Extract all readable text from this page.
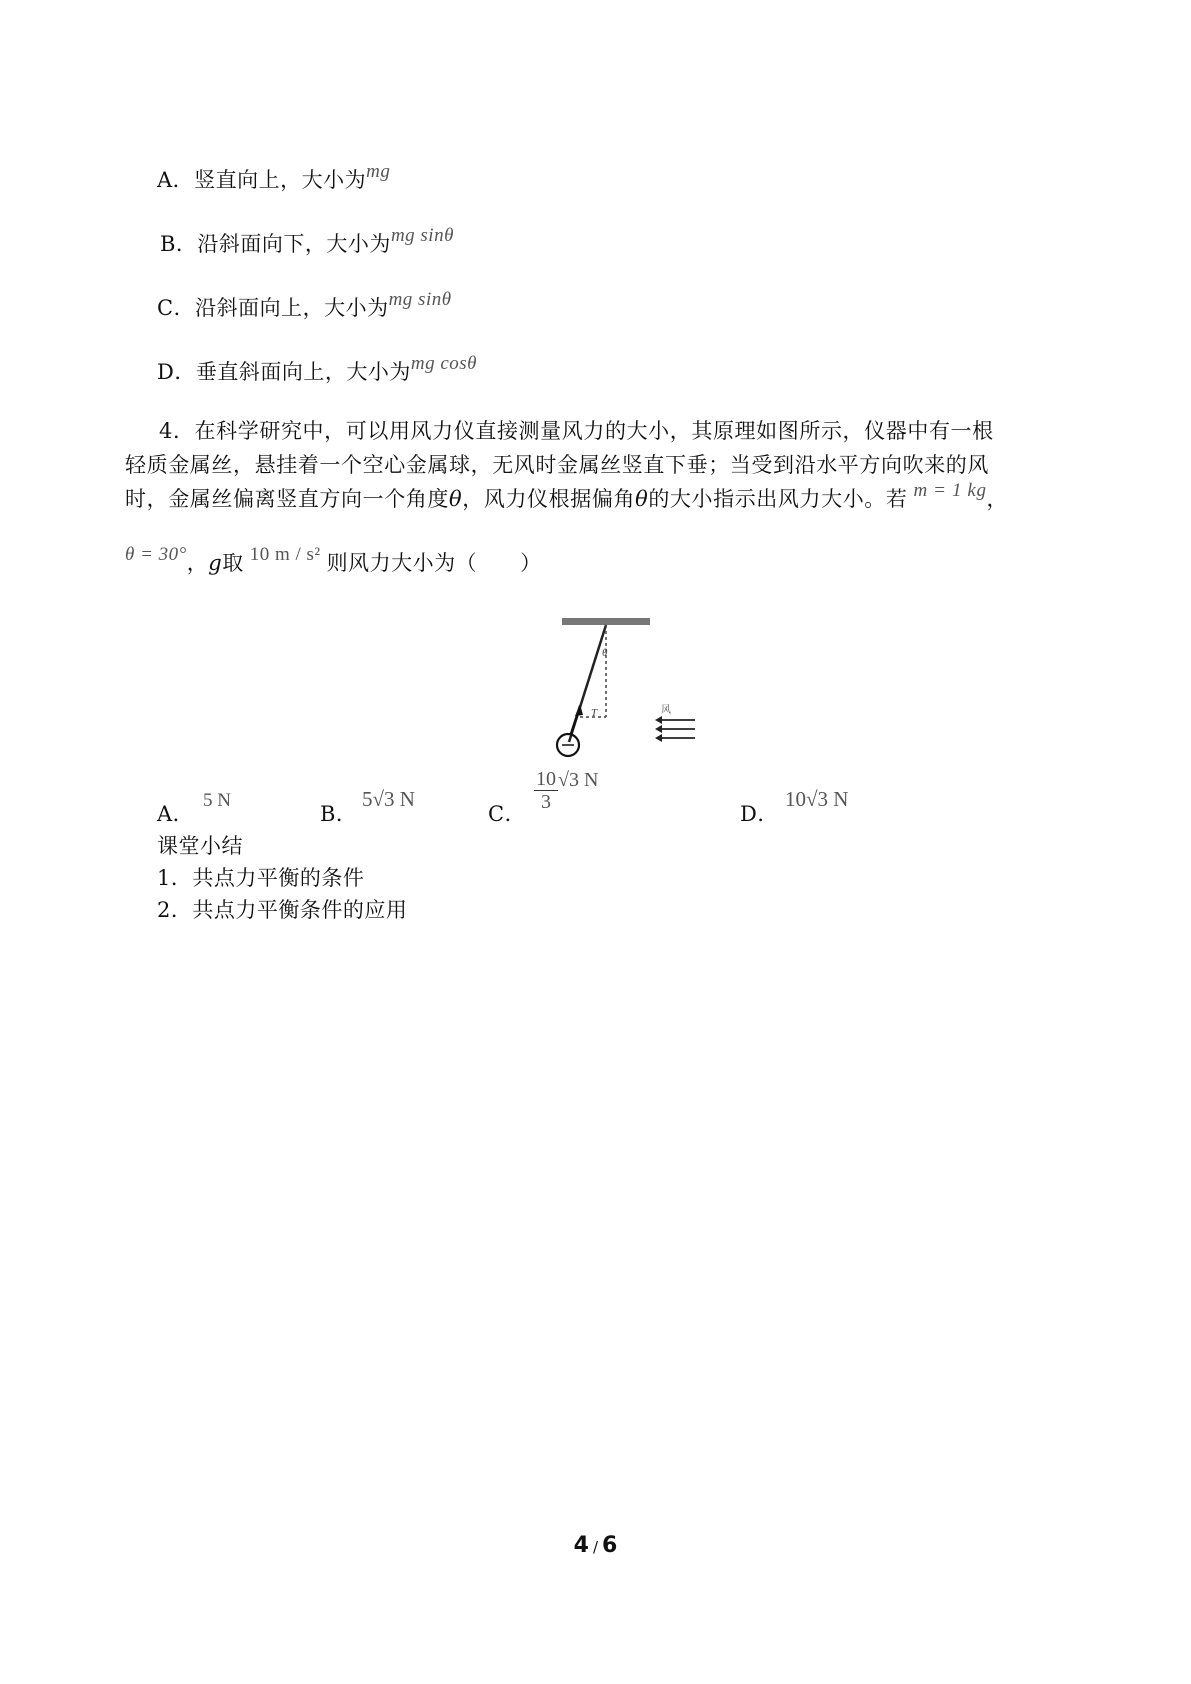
A．竖直向上，大小为mg
B．沿斜面向下，大小为mg sinθ
C．沿斜面向上，大小为mg sinθ
D．垂直斜面向上，大小为mg cosθ
4．在科学研究中，可以用风力仪直接测量风力的大小，其原理如图所示，仪器中有一根
轻质金属丝，悬挂着一个空心金属球，无风时金属丝竖直下垂；当受到沿水平方向吹来的风
时，金属丝偏离竖直方向一个角度θ，风力仪根据偏角θ的大小指示出风力大小。若 m = 1 kg，
θ = 30°，g取 10 m / s² 则风力大小为（　　）
θ
T	风
A．
5 N
B．
5√3 N
C．
$\frac{10}{3} √3$ N
D．
10√3 N
课堂小结
1．共点力平衡的条件
2．共点力平衡条件的应用
4 / 6
